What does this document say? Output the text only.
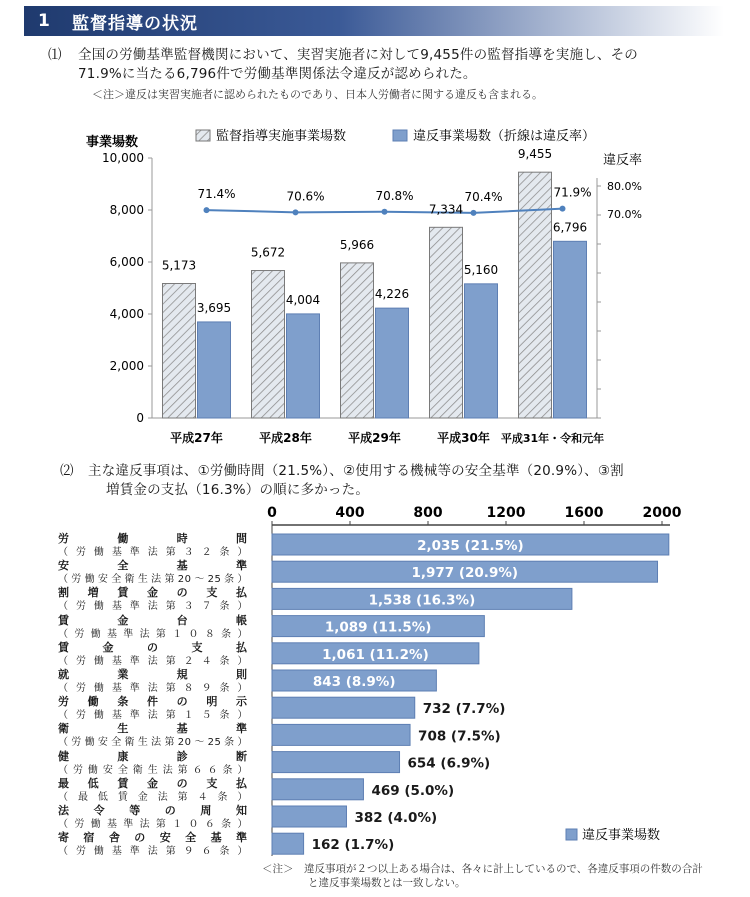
1	監督指導の状況
⑴ 全国の労働基準監督機関において、実習実施者に対して9,455件の監督指導を実施し、その
71.9%に当たる6,796件で労働基準関係法令違反が認められた。
＜注＞違反は実習実施者に認められたものであり、日本人労働者に関する違反も含まれる。
0
2,000
4,000
6,000
8,000
10,000
80.0%
70.0%
違反率
事業場数	監督指導実施事業場数	違反事業場数（折線は違反率）
5,173
3,695
平成27年
5,672
4,004
平成28年
5,966
4,226
平成29年
7,334
5,160
平成30年
9,455
6,796
平成31年・令和元年
71.4%	70.6%	70.8%	70.4%	71.9%
⑵ 主な違反事項は、①労働時間（21.5%）、②使用する機械等の安全基準（20.9%）、③割
増賃金の支払（16.3%）の順に多かった。
労働時間
（労働基準法第３２条）
安全基準
（労働安全衛生法第20～25条）
割増賃金の支払
（労働基準法第３７条）
賃金台帳
（労働基準法第１０８条）
賃金の支払
（労働基準法第２４条）
就業規則
（労働基準法第８９条）
労働条件の明示
（労働基準法第１５条）
衛生基準
（労働安全衛生法第20～25条）
健康診断
（労働安全衛生法第６６条）
最低賃金の支払
（最低賃金法第４条）
法令等の周知
（労働基準法第１０６条）
寄宿舎の安全基準
（労働基準法第９６条）
0	400	800	1200	1600	2000
2,035 (21.5%)
1,977 (20.9%)
1,538 (16.3%)
1,089 (11.5%)
1,061 (11.2%)
843 (8.9%)
732 (7.7%)
708 (7.5%)
654 (6.9%)
469 (5.0%)
382 (4.0%)
162 (1.7%)
違反事業場数
＜注＞　違反事項が２つ以上ある場合は、各々に計上しているので、各違反事項の件数の合計
と違反事業場数とは一致しない。
